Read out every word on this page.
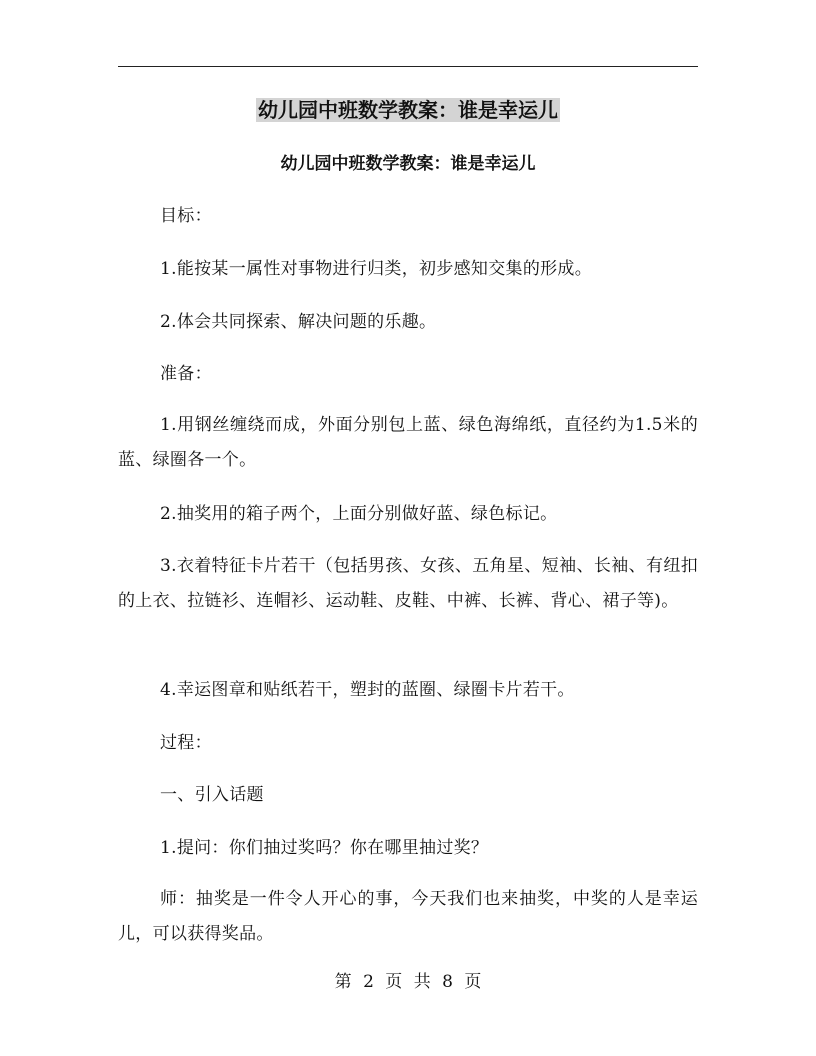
幼儿园中班数学教案：谁是幸运儿
幼儿园中班数学教案：谁是幸运儿

目标：

1.能按某一属性对事物进行归类，初步感知交集的形成。

2.体会共同探索、解决问题的乐趣。

准备：

1.用钢丝缠绕而成，外面分别包上蓝、绿色海绵纸，直径约为1.5米的蓝、绿圈各一个。

2.抽奖用的箱子两个，上面分别做好蓝、绿色标记。

3.衣着特征卡片若干（包括男孩、女孩、五角星、短袖、长袖、有纽扣的上衣、拉链衫、连帽衫、运动鞋、皮鞋、中裤、长裤、背心、裙子等)。

4.幸运图章和贴纸若干，塑封的蓝圈、绿圈卡片若干。

过程：

一、引入话题

1.提问：你们抽过奖吗？你在哪里抽过奖？

师：抽奖是一件令人开心的事，今天我们也来抽奖，中奖的人是幸运儿，可以获得奖品。

第 2 页 共 8 页
